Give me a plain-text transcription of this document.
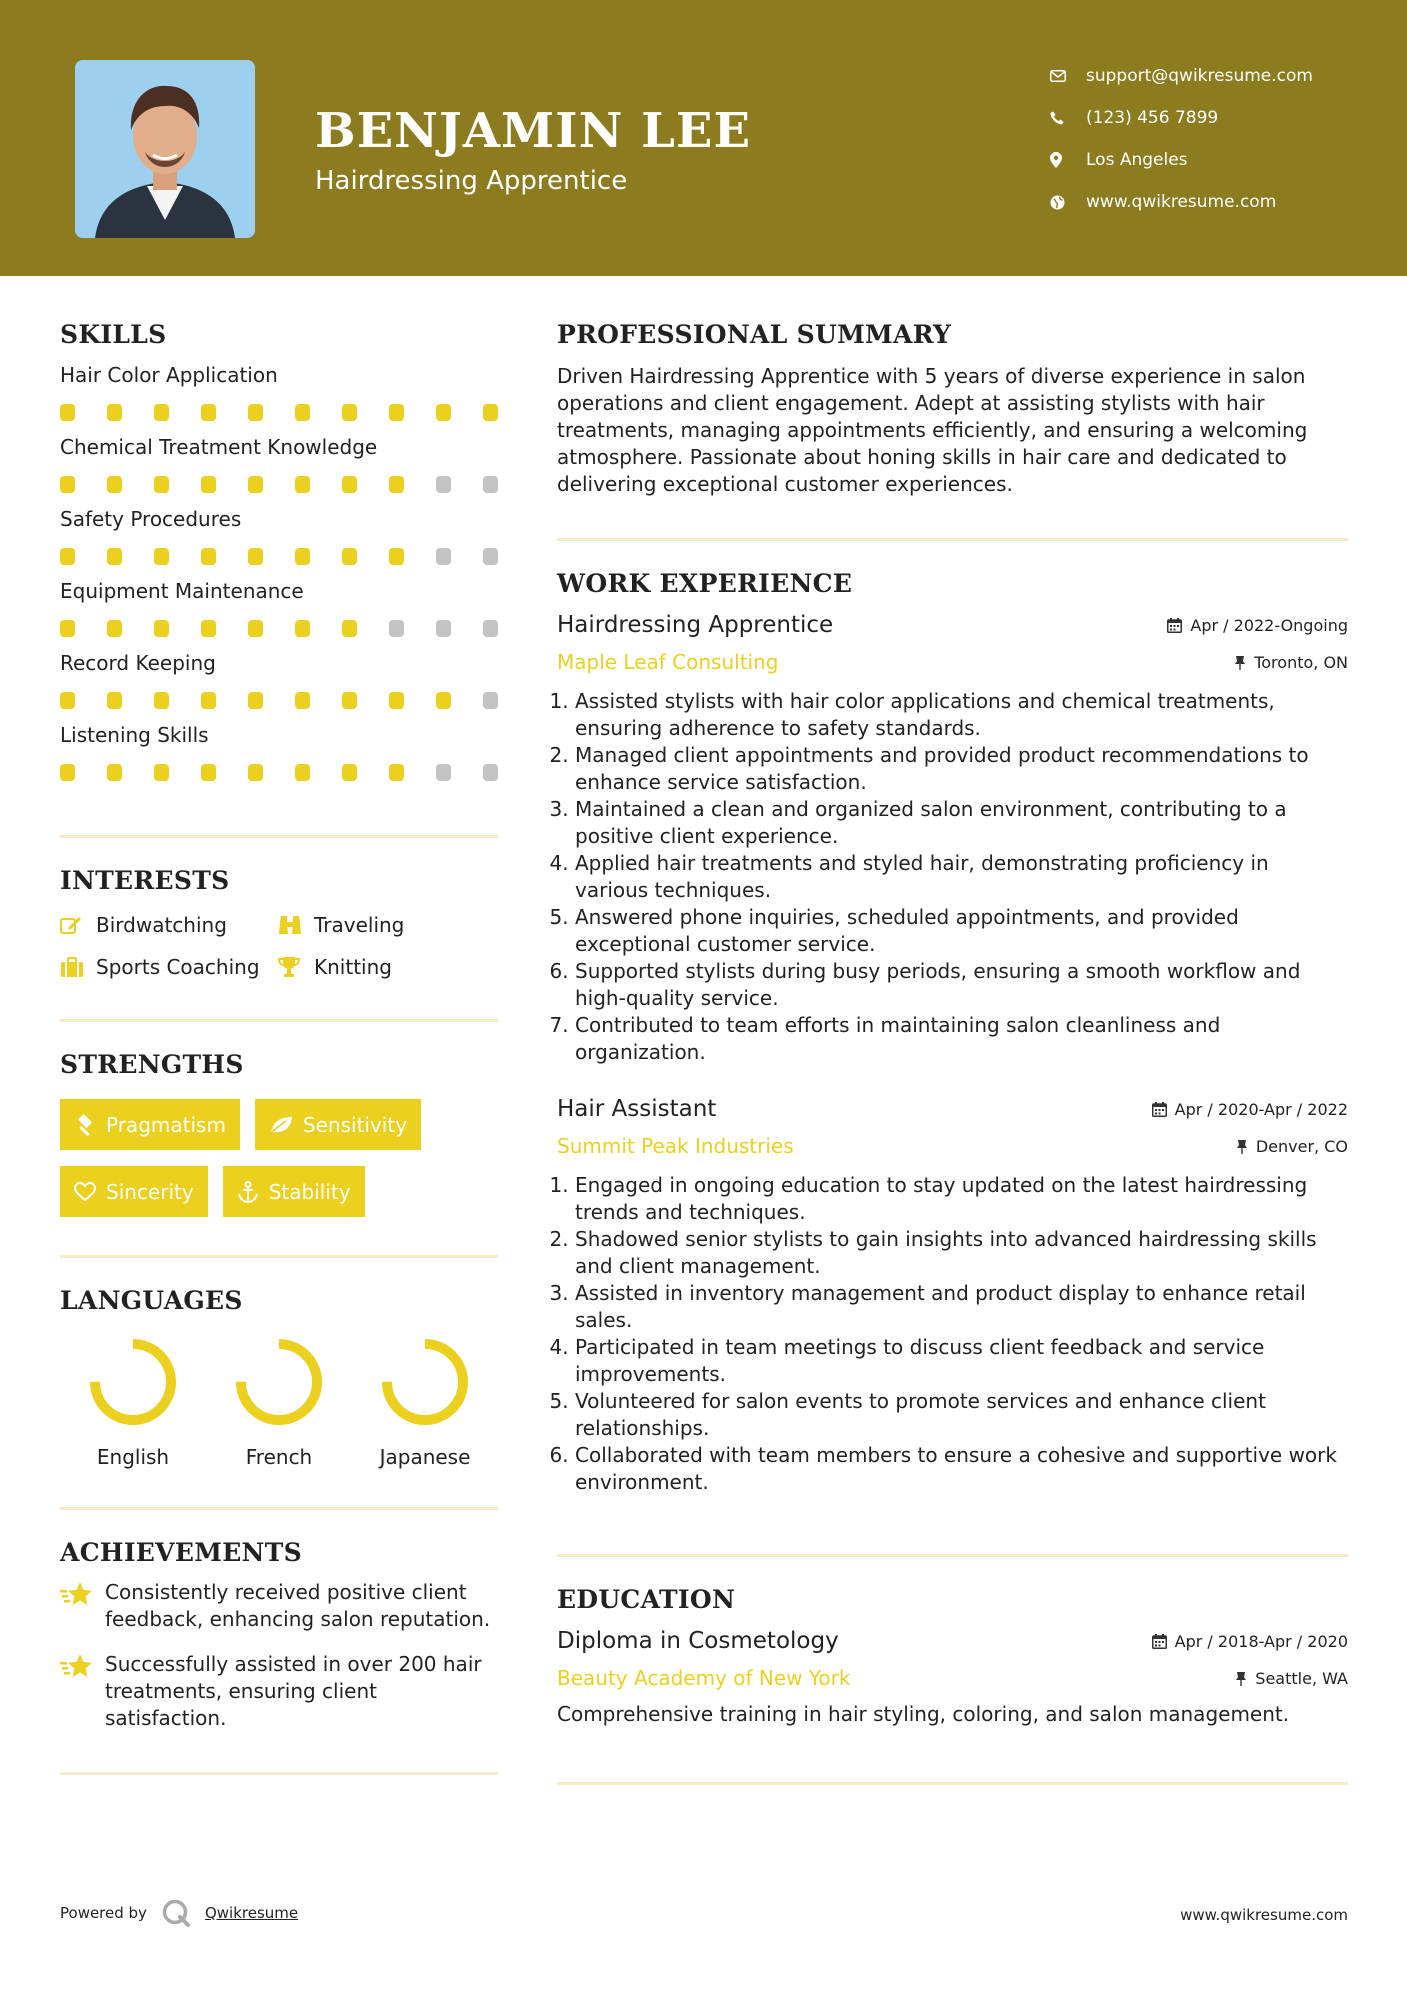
BENJAMIN LEE
Hairdressing Apprentice
support@qwikresume.com
(123) 456 7899
Los Angeles
www.qwikresume.com
SKILLS
Hair Color Application
Chemical Treatment Knowledge
Safety Procedures
Equipment Maintenance
Record Keeping
Listening Skills
INTERESTS
Birdwatching	Traveling
Sports Coaching	Knitting
STRENGTHS
Pragmatism	Sensitivity
Sincerity	Stability
LANGUAGES
English	French	Japanese
ACHIEVEMENTS
Consistently received positive client feedback, enhancing salon reputation.
Successfully assisted in over 200 hair treatments, ensuring client satisfaction.
PROFESSIONAL SUMMARY

Driven Hairdressing Apprentice with 5 years of diverse experience in salon operations and client engagement. Adept at assisting stylists with hair treatments, managing appointments efficiently, and ensuring a welcoming atmosphere. Passionate about honing skills in hair care and dedicated to delivering exceptional customer experiences.

WORK EXPERIENCE
Hairdressing Apprentice	Apr / 2022-Ongoing
Maple Leaf Consulting	Toronto, ON
1. Assisted stylists with hair color applications and chemical treatments, ensuring adherence to safety standards.
2. Managed client appointments and provided product recommendations to enhance service satisfaction.
3. Maintained a clean and organized salon environment, contributing to a positive client experience.
4. Applied hair treatments and styled hair, demonstrating proficiency in various techniques.
5. Answered phone inquiries, scheduled appointments, and provided exceptional customer service.
6. Supported stylists during busy periods, ensuring a smooth workflow and high-quality service.
7. Contributed to team efforts in maintaining salon cleanliness and organization.
Hair Assistant	Apr / 2020-Apr / 2022
Summit Peak Industries	Denver, CO
1. Engaged in ongoing education to stay updated on the latest hairdressing trends and techniques.
2. Shadowed senior stylists to gain insights into advanced hairdressing skills and client management.
3. Assisted in inventory management and product display to enhance retail sales.
4. Participated in team meetings to discuss client feedback and service improvements.
5. Volunteered for salon events to promote services and enhance client relationships.
6. Collaborated with team members to ensure a cohesive and supportive work environment.
EDUCATION
Diploma in Cosmetology	Apr / 2018-Apr / 2020
Beauty Academy of New York	Seattle, WA

Comprehensive training in hair styling, coloring, and salon management.

Powered by	Qwikresume	www.qwikresume.com
